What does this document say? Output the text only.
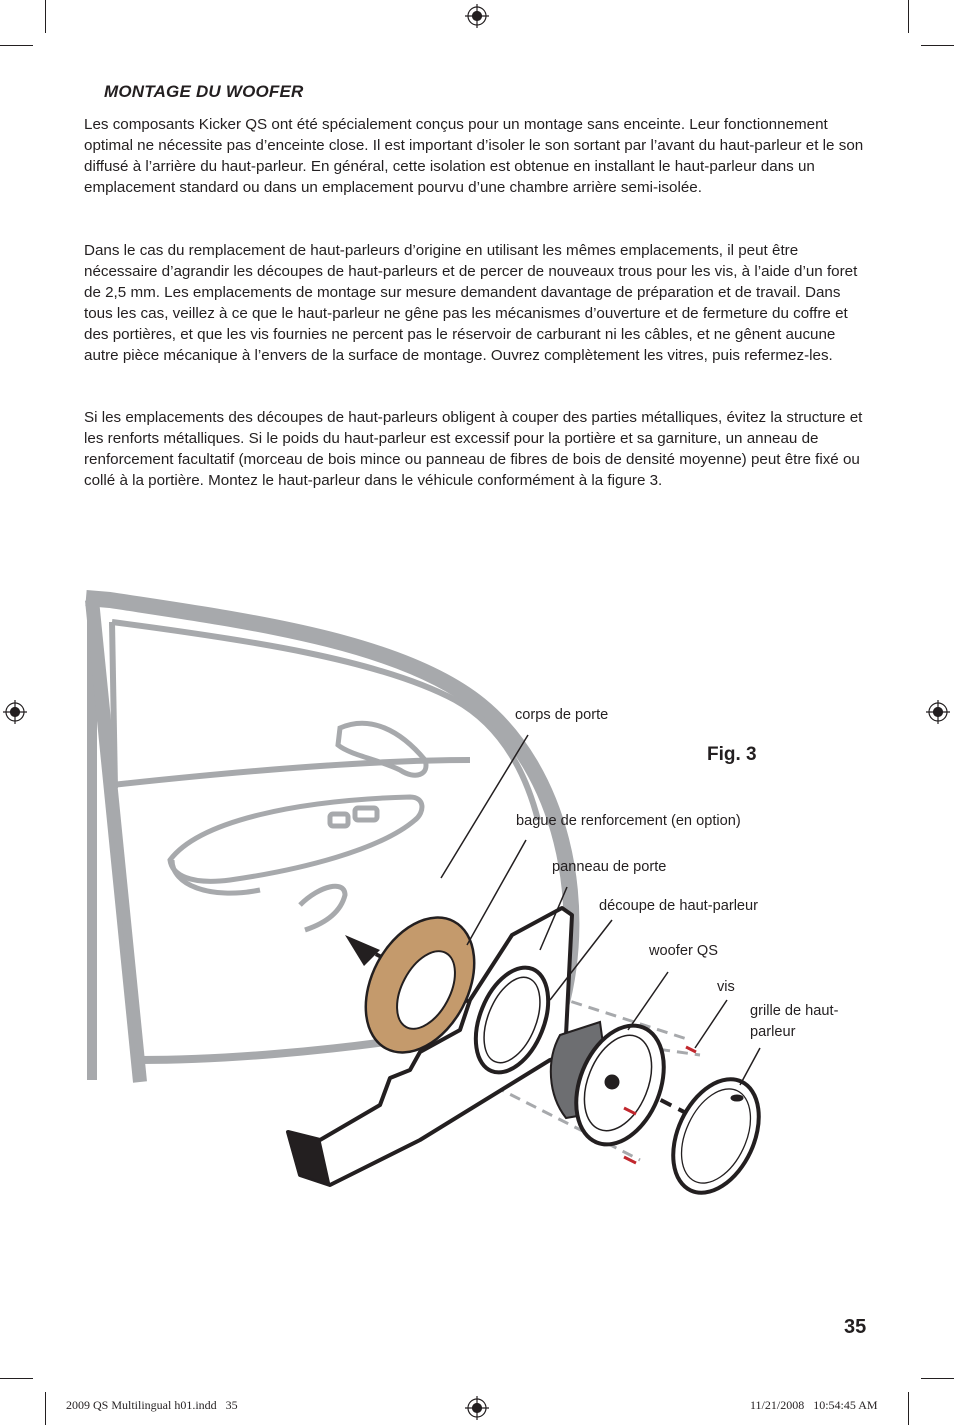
MONTAGE DU WOOFER

Les composants Kicker QS ont été spécialement conçus pour un montage sans enceinte. Leur fonctionnement optimal ne nécessite pas d’enceinte close. Il est important d’isoler le son sortant par l’avant du haut-parleur et le son diffusé à l’arrière du haut-parleur. En général, cette isolation est obtenue en installant le haut-parleur dans un emplacement standard ou dans un emplacement pourvu d’une chambre arrière semi-isolée.

Dans le cas du remplacement de haut-parleurs d’origine en utilisant les mêmes emplacements, il peut être nécessaire d’agrandir les découpes de haut-parleurs et de percer de nouveaux trous pour les vis, à l’aide d’un foret de 2,5 mm. Les emplacements de montage sur mesure demandent davantage de préparation et de travail. Dans tous les cas, veillez à ce que le haut-parleur ne gêne pas les mécanismes d’ouverture et de fermeture du coffre et des portières, et que les vis fournies ne percent pas le réservoir de carburant ni les câbles, et ne gênent aucune autre pièce mécanique à l’envers de la surface de montage. Ouvrez complètement les vitres, puis refermez-les.

Si les emplacements des découpes de haut-parleurs obligent à couper des parties métalliques, évitez la structure et les renforts métalliques. Si le poids du haut-parleur est excessif pour la portière et sa garniture, un anneau de renforcement facultatif (morceau de bois mince ou panneau de fibres de bois de densité moyenne) peut être fixé ou collé à la portière. Montez le haut-parleur dans le véhicule conformément à la figure 3.

corps de porte
Fig. 3
bague de renforcement (en option)
panneau de porte
découpe de haut-parleur
woofer QS
vis
grille de haut-
parleur
35
2009 QS Multilingual h01.indd   35	11/21/2008   10:54:45 AM
